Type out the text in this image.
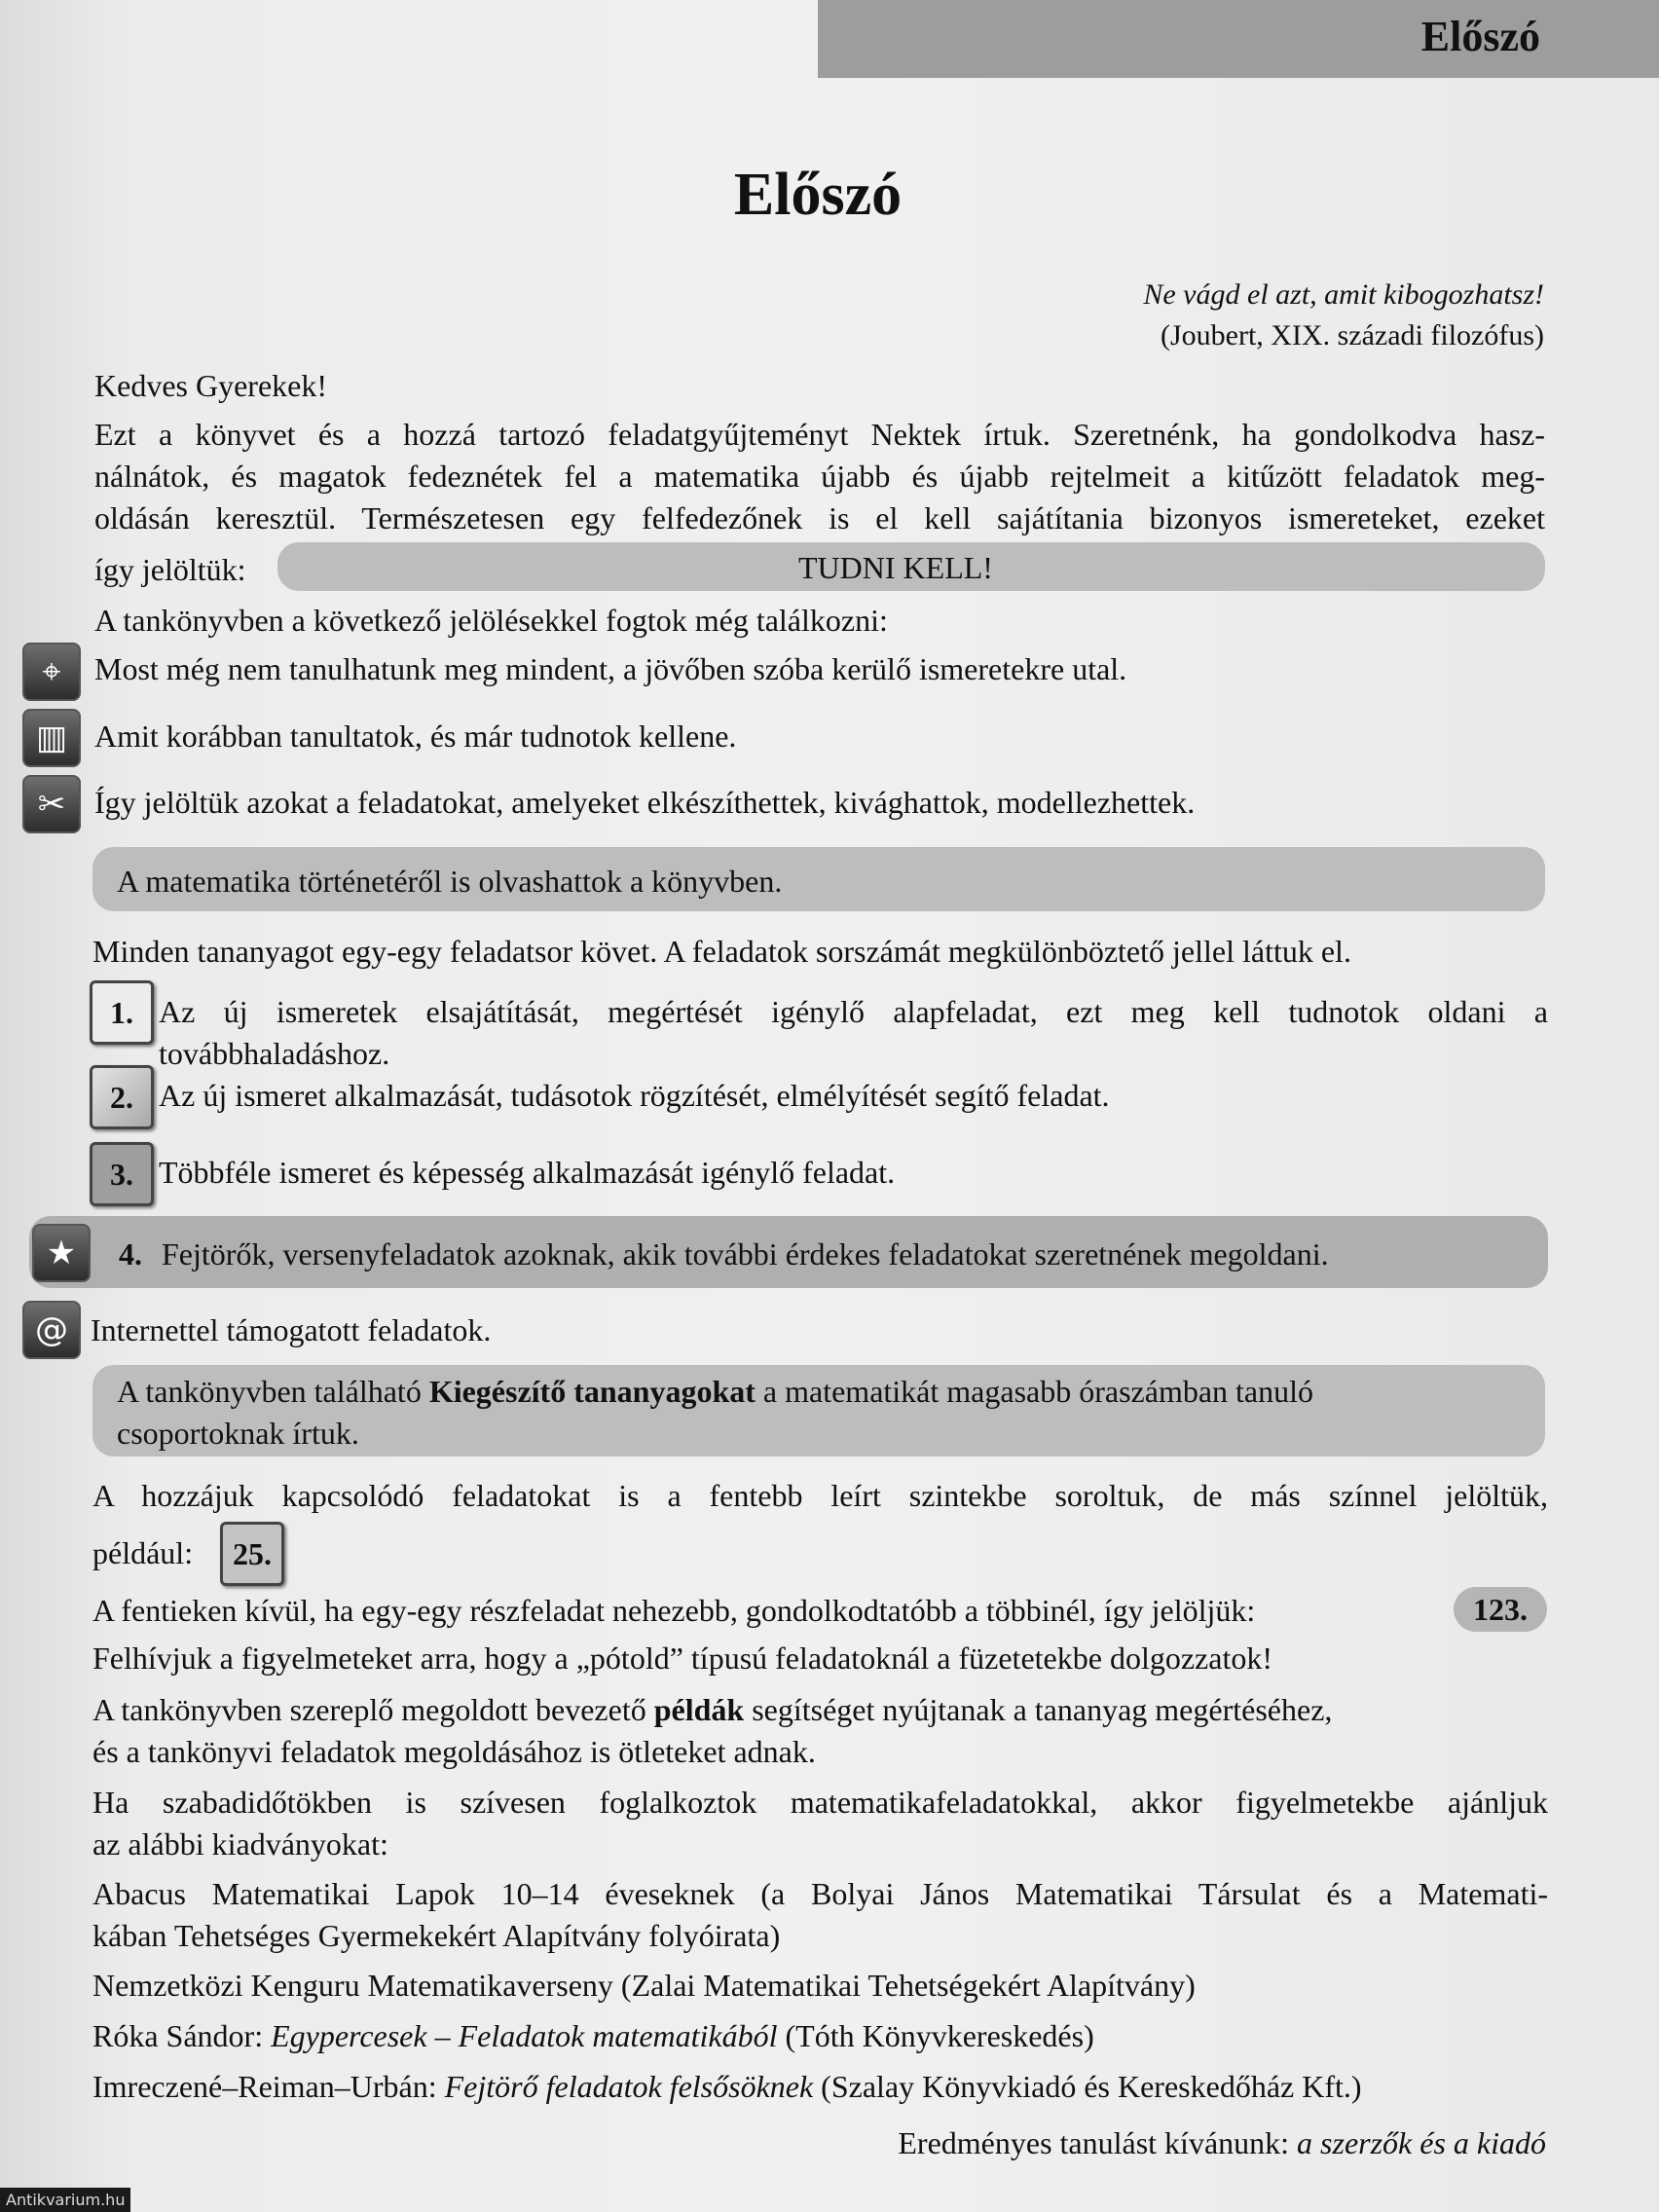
Előszó
Előszó
Ne vágd el azt, amit kibogozhatsz!
(Joubert, XIX. századi filozófus)
Kedves Gyerekek!
Ezt a könyvet és a hozzá tartozó feladatgyűjteményt Nektek írtuk. Szeretnénk, ha gondolkodva hasz-
nálnátok, és magatok fedeznétek fel a matematika újabb és újabb rejtelmeit a kitűzött feladatok meg-
oldásán keresztül. Természetesen egy felfedezőnek is el kell sajátítania bizonyos ismereteket, ezeket
így jelöltük:	TUDNI KELL!
A tankönyvben a következő jelölésekkel fogtok még találkozni:
⌖	Most még nem tanulhatunk meg mindent, a jövőben szóba kerülő ismeretekre utal.
▥ Amit korábban tanultatok, és már tudnotok kellene.
✂ Így jelöltük azokat a feladatokat, amelyeket elkészíthettek, kivághattok, modellezhettek.
A matematika történetéről is olvashattok a könyvben.
Minden tananyagot egy-egy feladatsor követ. A feladatok sorszámát megkülönböztető jellel láttuk el.
1. Az új ismeretek elsajátítását, megértését igénylő alapfeladat, ezt meg kell tudnotok oldani a
továbbhaladáshoz.
2. Az új ismeret alkalmazását, tudásotok rögzítését, elmélyítését segítő feladat.
3. Többféle ismeret és képesség alkalmazását igénylő feladat.
★	4. Fejtörők, versenyfeladatok azoknak, akik további érdekes feladatokat szeretnének megoldani.
@ Internettel támogatott feladatok.
A tankönyvben található Kiegészítő tananyagokat a matematikát magasabb óraszámban tanuló
csoportoknak írtuk.
A hozzájuk kapcsolódó feladatokat is a fentebb leírt szintekbe soroltuk, de más színnel jelöltük,
például:	25.
A fentieken kívül, ha egy-egy részfeladat nehezebb, gondolkodtatóbb a többinél, így jelöljük:	123.
Felhívjuk a figyelmeteket arra, hogy a „pótold” típusú feladatoknál a füzetetekbe dolgozzatok!
A tankönyvben szereplő megoldott bevezető példák segítséget nyújtanak a tananyag megértéséhez,
és a tankönyvi feladatok megoldásához is ötleteket adnak.
Ha szabadidőtökben is szívesen foglalkoztok matematikafeladatokkal, akkor figyelmetekbe ajánljuk
az alábbi kiadványokat:
Abacus Matematikai Lapok 10–14 éveseknek (a Bolyai János Matematikai Társulat és a Matemati-
kában Tehetséges Gyermekekért Alapítvány folyóirata)
Nemzetközi Kenguru Matematikaverseny (Zalai Matematikai Tehetségekért Alapítvány)
Róka Sándor: Egypercesek – Feladatok matematikából (Tóth Könyvkereskedés)
Imreczené–Reiman–Urbán: Fejtörő feladatok felsősöknek (Szalay Könyvkiadó és Kereskedőház Kft.)
Eredményes tanulást kívánunk: a szerzők és a kiadó
Antikvarium.hu
